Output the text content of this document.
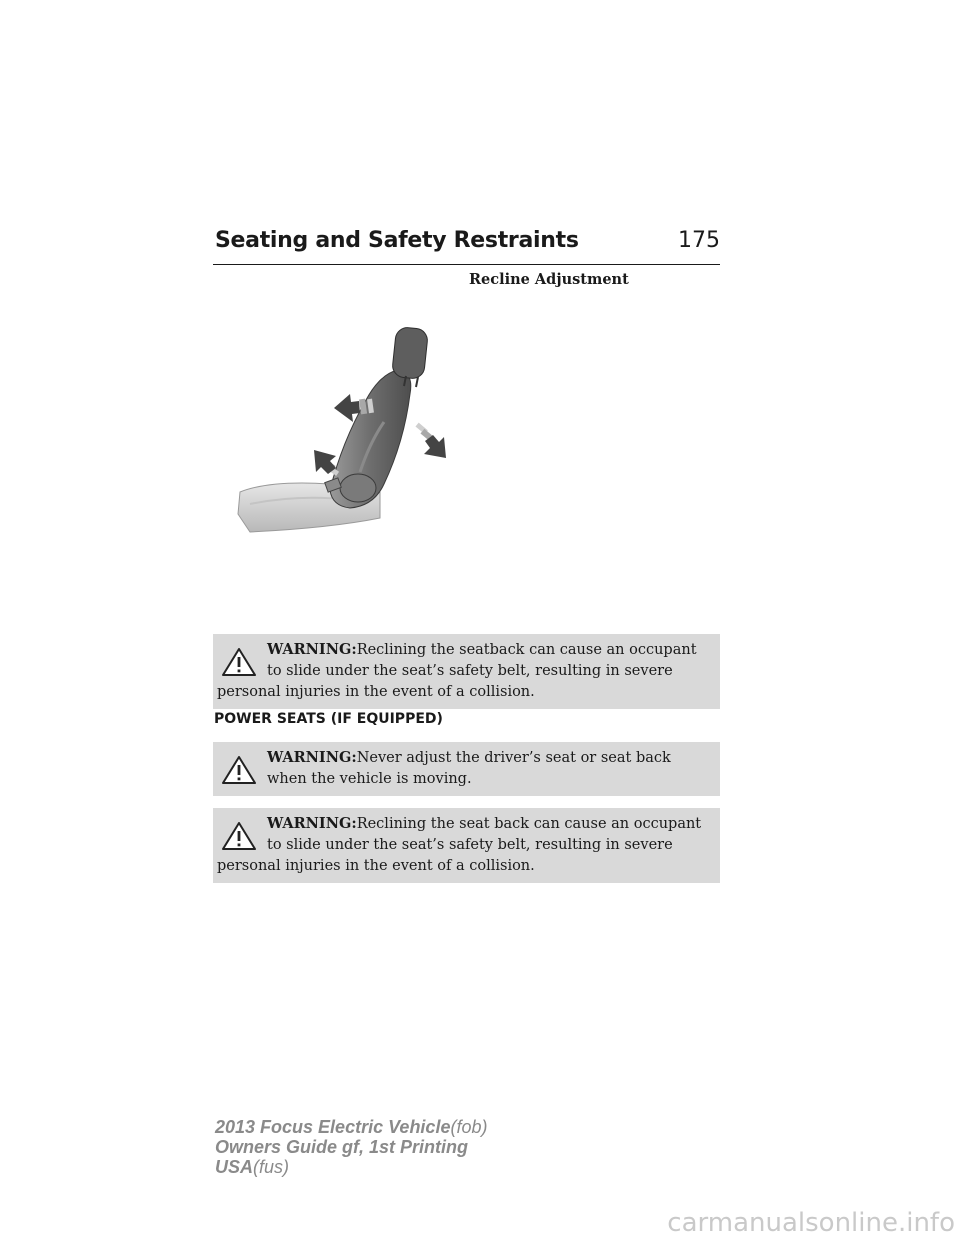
Seating and Safety Restraints	175
Recline Adjustment
WARNING:Reclining the seatback can cause an occupant to slide under the seat’s safety belt, resulting in severe personal injuries in the event of a collision.
POWER SEATS (IF EQUIPPED)
WARNING:Never adjust the driver’s seat or seat back when the vehicle is moving.
WARNING:Reclining the seat back can cause an occupant to slide under the seat’s safety belt, resulting in severe personal injuries in the event of a collision.
2013 Focus Electric Vehicle(fob)
Owners Guide gf, 1st Printing
USA(fus)
carmanualsonline.info
